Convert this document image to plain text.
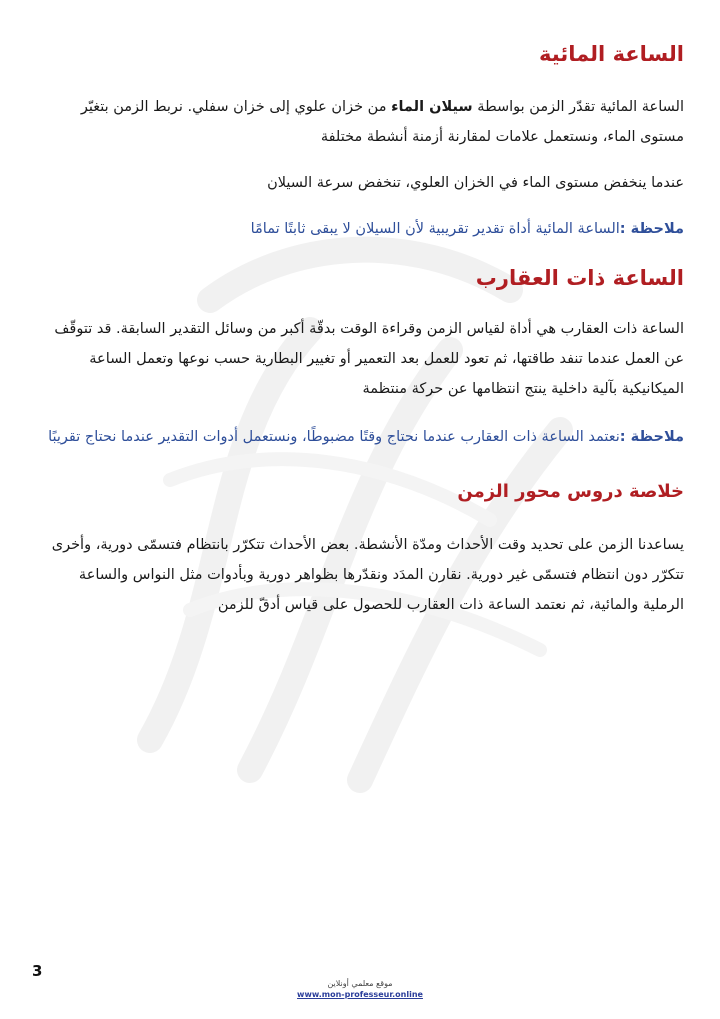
الساعة المائية

الساعة المائية تقدّر الزمن بواسطة سيلان الماء من خزان علوي إلى خزان سفلي. نربط الزمن بتغيّر مستوى الماء، ونستعمل علامات لمقارنة أزمنة أنشطة مختلفة

عندما ينخفض مستوى الماء في الخزان العلوي، تنخفض سرعة السيلان

ملاحظة :الساعة المائية أداة تقدير تقريبية لأن السيلان لا يبقى ثابتًا تمامًا

الساعة ذات العقارب

الساعة ذات العقارب هي أداة لقياس الزمن وقراءة الوقت بدقّة أكبر من وسائل التقدير السابقة. قد تتوقّف عن العمل عندما تنفد طاقتها، ثم تعود للعمل بعد التعمير أو تغيير البطارية حسب نوعها وتعمل الساعة الميكانيكية بآلية داخلية ينتج انتظامها عن حركة منتظمة

ملاحظة :نعتمد الساعة ذات العقارب عندما نحتاج وقتًا مضبوطًا، ونستعمل أدوات التقدير عندما نحتاج تقريبًا

خلاصة دروس محور الزمن

يساعدنا الزمن على تحديد وقت الأحداث ومدّة الأنشطة. بعض الأحداث تتكرّر بانتظام فتسمّى دورية، وأخرى تتكرّر دون انتظام فتسمّى غير دورية. نقارن المدَد ونقدّرها بظواهر دورية وبأدوات مثل النواس والساعة الرملية والمائية، ثم نعتمد الساعة ذات العقارب للحصول على قياس أدقّ للزمن

3
موقع معلمي أونلاين
www.mon-professeur.online
